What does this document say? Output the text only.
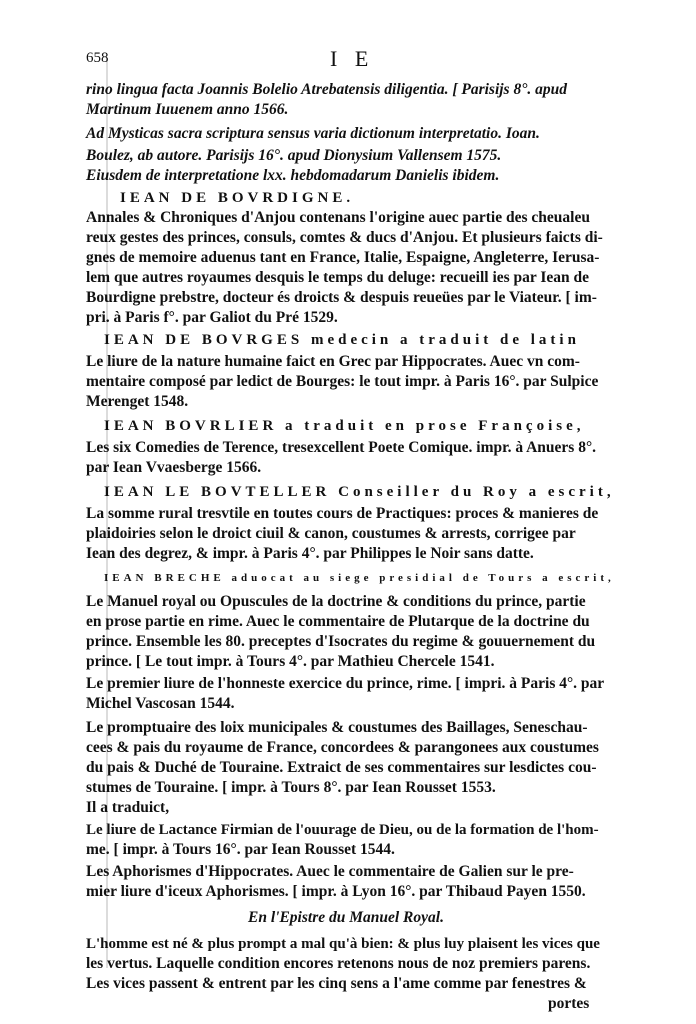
658	I E
rino lingua facta Joannis Bolelio Atrebatensis diligentia. [ Parisijs 8°. apud
Martinum Iuuenem anno 1566.
Ad Mysticas sacra scriptura sensus varia dictionum interpretatio. Ioan.
Boulez, ab autore. Parisijs 16°. apud Dionysium Vallensem 1575.
Eiusdem de interpretatione lxx. hebdomadarum Danielis ibidem.
IEAN DE BOVRDIGNE.
Annales & Chroniques d'Anjou contenans l'origine auec partie des cheualeu
reux gestes des princes, consuls, comtes & ducs d'Anjou. Et plusieurs faicts di-
gnes de memoire aduenus tant en France, Italie, Espaigne, Angleterre, Ierusa-
lem que autres royaumes desquis le temps du deluge: recueill ies par Iean de
Bourdigne prebstre, docteur és droicts & despuis reueües par le Viateur. [ im-
pri. à Paris f°. par Galiot du Pré 1529.
IEAN DE BOVRGES medecin a traduit de latin
Le liure de la nature humaine faict en Grec par Hippocrates. Auec vn com-
mentaire composé par ledict de Bourges: le tout impr. à Paris 16°. par Sulpice
Merenget 1548.
IEAN BOVRLIER a traduit en prose Françoise,
Les six Comedies de Terence, tresexcellent Poete Comique. impr. à Anuers 8°.
par Iean Vvaesberge 1566.
IEAN LE BOVTELLER Conseiller du Roy a escrit,
La somme rural tresvtile en toutes cours de Practiques: proces & manieres de
plaidoiries selon le droict ciuil & canon, coustumes & arrests, corrigee par
Iean des degrez, & impr. à Paris 4°. par Philippes le Noir sans datte.
IEAN BRECHE aduocat au siege presidial de Tours a escrit,
Le Manuel royal ou Opuscules de la doctrine & conditions du prince, partie
en prose partie en rime. Auec le commentaire de Plutarque de la doctrine du
prince. Ensemble les 80. preceptes d'Isocrates du regime & gouuernement du
prince. [ Le tout impr. à Tours 4°. par Mathieu Chercele 1541.
Le premier liure de l'honneste exercice du prince, rime. [ impri. à Paris 4°. par
Michel Vascosan 1544.
Le promptuaire des loix municipales & coustumes des Baillages, Seneschau-
cees & pais du royaume de France, concordees & parangonees aux coustumes
du pais & Duché de Touraine. Extraict de ses commentaires sur lesdictes cou-
stumes de Touraine. [ impr. à Tours 8°. par Iean Rousset 1553.
Il a traduict,
Le liure de Lactance Firmian de l'ouurage de Dieu, ou de la formation de l'hom-
me. [ impr. à Tours 16°. par Iean Rousset 1544.
Les Aphorismes d'Hippocrates. Auec le commentaire de Galien sur le pre-
mier liure d'iceux Aphorismes. [ impr. à Lyon 16°. par Thibaud Payen 1550.
En l'Epistre du Manuel Royal.
L'homme est né & plus prompt a mal qu'à bien: & plus luy plaisent les vices que
les vertus. Laquelle condition encores retenons nous de noz premiers parens.
Les vices passent & entrent par les cinq sens a l'ame comme par fenestres &
portes
